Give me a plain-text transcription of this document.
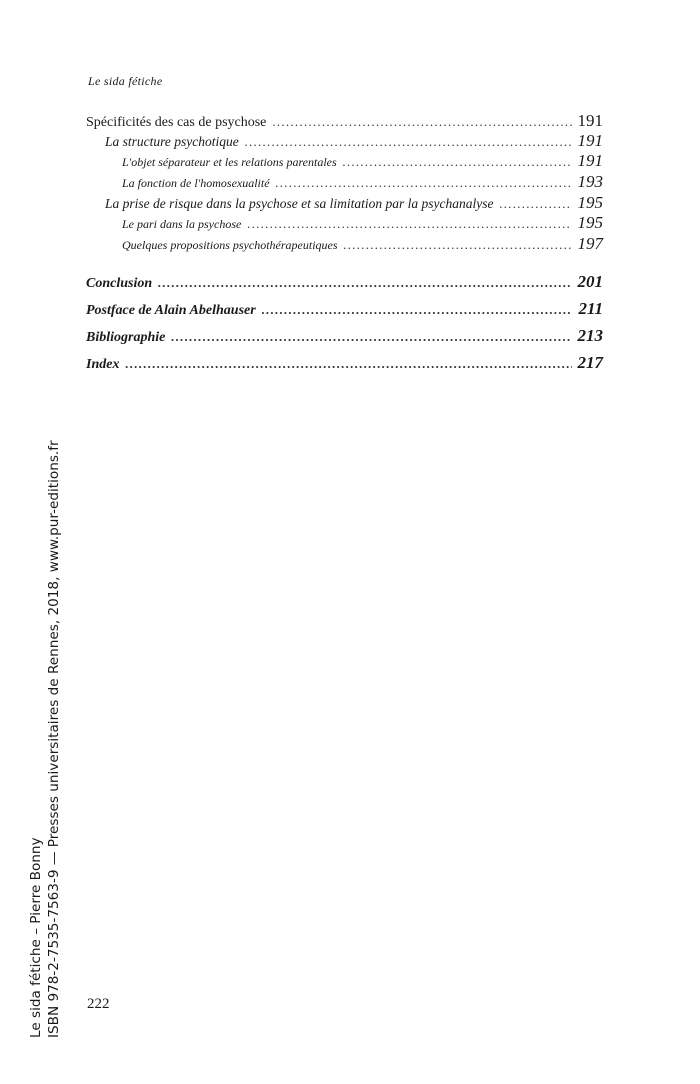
Le sida fétiche
Spécificités des cas de psychose . . .	191
La structure psychotique . . .	191
L'objet séparateur et les relations parentales . . .	191
La fonction de l'homosexualité . . .	193
La prise de risque dans la psychose et sa limitation par la psychanalyse . . .	195
Le pari dans la psychose . . .	195
Quelques propositions psychothérapeutiques . . .	197
Conclusion . . .	201
Postface de Alain Abelhauser . . .	211
Bibliographie . . .	213
Index . . .	217
222
Le sida fétiche – Pierre Bonny ISBN 978-2-7535-7563-9 — Presses universitaires de Rennes, 2018, www.pur-editions.fr
